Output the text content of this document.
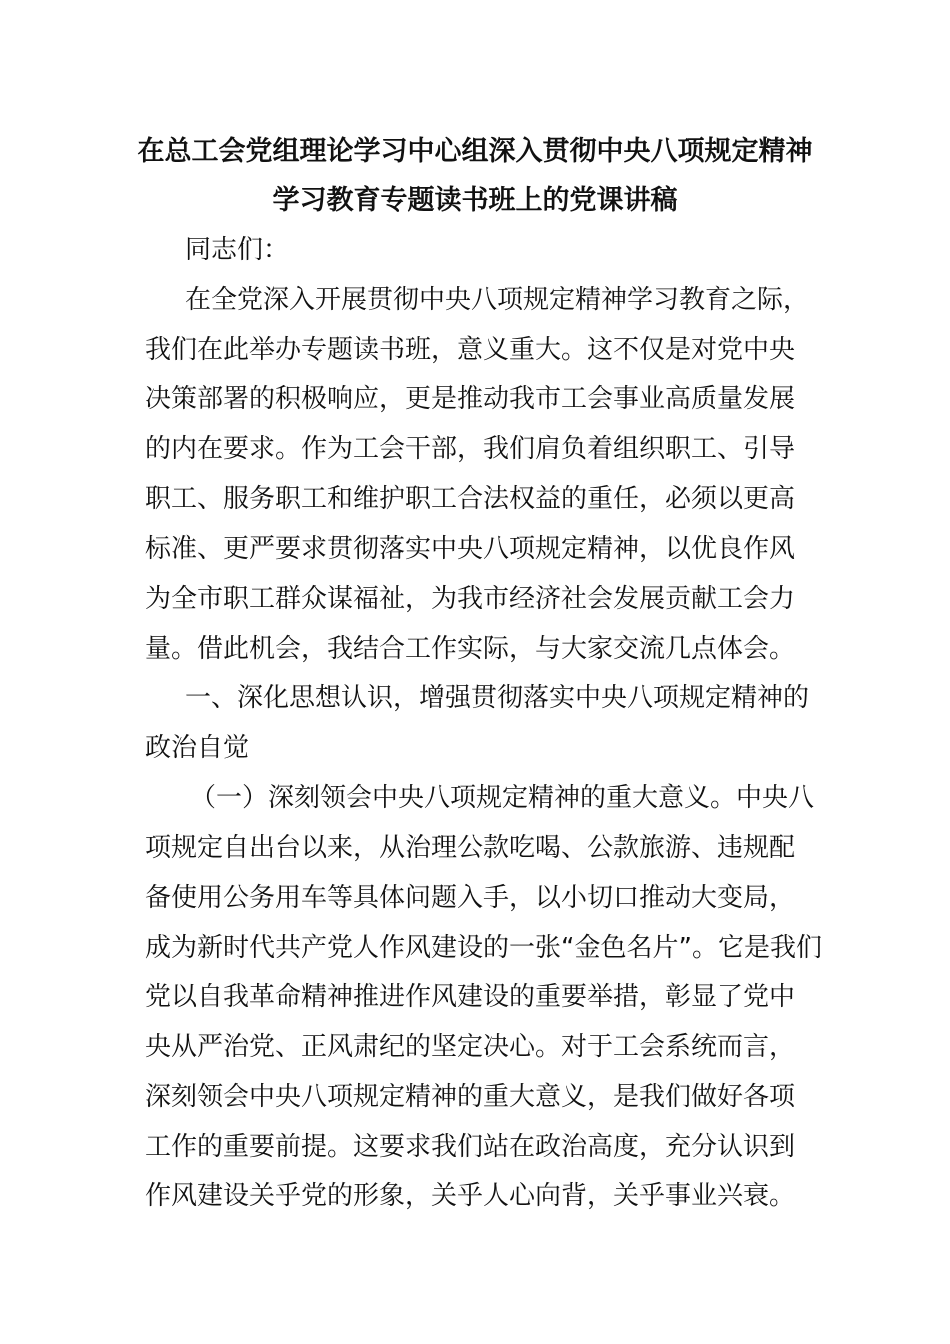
在总工会党组理论学习中心组深入贯彻中央八项规定精神
学习教育专题读书班上的党课讲稿
同志们：
在全党深入开展贯彻中央八项规定精神学习教育之际，
我们在此举办专题读书班，意义重大。这不仅是对党中央
决策部署的积极响应，更是推动我市工会事业高质量发展
的内在要求。作为工会干部，我们肩负着组织职工、引导
职工、服务职工和维护职工合法权益的重任，必须以更高
标准、更严要求贯彻落实中央八项规定精神，以优良作风
为全市职工群众谋福祉，为我市经济社会发展贡献工会力
量。借此机会，我结合工作实际，与大家交流几点体会。
一、深化思想认识，增强贯彻落实中央八项规定精神的
政治自觉
（一）深刻领会中央八项规定精神的重大意义。中央八
项规定自出台以来，从治理公款吃喝、公款旅游、违规配
备使用公务用车等具体问题入手，以小切口推动大变局，
成为新时代共产党人作风建设的一张“金色名片”。它是我们
党以自我革命精神推进作风建设的重要举措，彰显了党中
央从严治党、正风肃纪的坚定决心。对于工会系统而言，
深刻领会中央八项规定精神的重大意义，是我们做好各项
工作的重要前提。这要求我们站在政治高度，充分认识到
作风建设关乎党的形象，关乎人心向背，关乎事业兴衰。
